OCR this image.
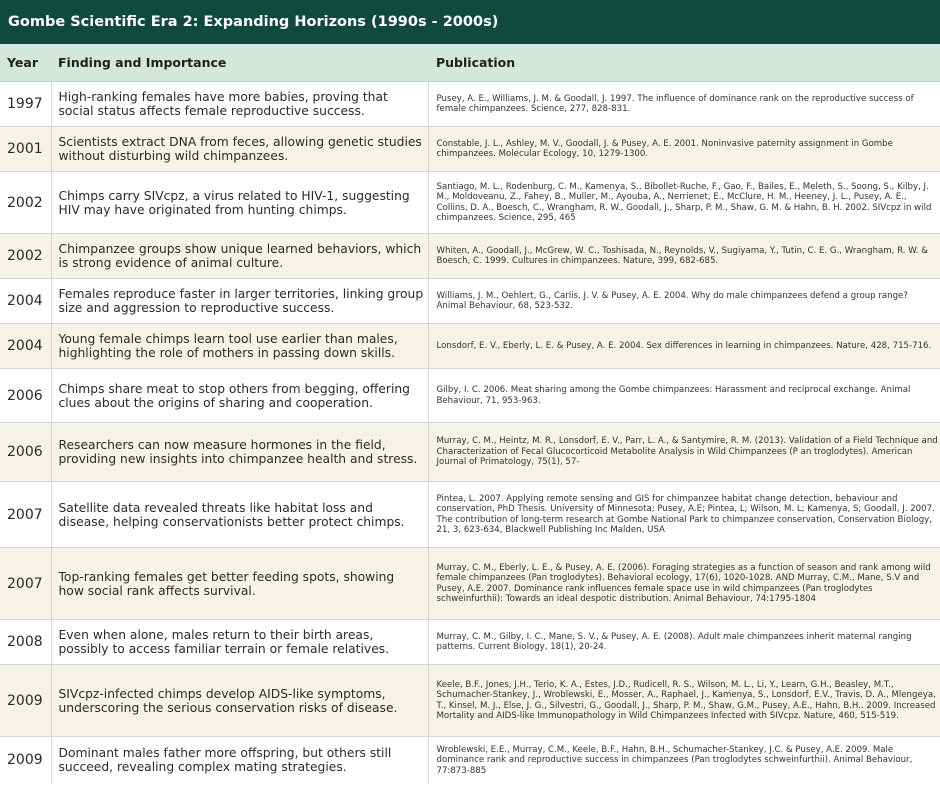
Gombe Scientific Era 2: Expanding Horizons (1990s - 2000s)
Year	Finding and Importance	Publication
1997	High-ranking females have more babies, proving that social status affects female reproductive success.	Pusey, A. E., Williams, J. M. & Goodall, J. 1997. The influence of dominance rank on the reproductive success of female chimpanzees. Science, 277, 828-831.
2001	Scientists extract DNA from feces, allowing genetic studies without disturbing wild chimpanzees.	Constable, J. L., Ashley, M. V., Goodall, J. & Pusey, A. E. 2001. Noninvasive paternity assignment in Gombe chimpanzees. Molecular Ecology, 10, 1279-1300.
2002	Chimps carry SIVcpz, a virus related to HIV-1, suggesting HIV may have originated from hunting chimps.	Santiago, M. L., Rodenburg, C. M., Kamenya, S., Bibollet-Ruche, F., Gao, F., Bailes, E., Meleth, S., Soong, S., Kilby, J. M., Moldoveanu, Z., Fahey, B., Muller, M., Ayouba, A., Nerrienet, E., McClure, H. M., Heeney, J. L., Pusey, A. E., Collins, D. A., Boesch, C., Wrangham, R. W., Goodall, J., Sharp, P. M., Shaw, G. M. & Hahn, B. H. 2002. SIVcpz in wild chimpanzees. Science, 295, 465
2002	Chimpanzee groups show unique learned behaviors, which is strong evidence of animal culture.	Whiten, A., Goodall, J., McGrew, W. C., Toshisada, N., Reynolds, V., Sugiyama, Y., Tutin, C. E. G., Wrangham, R. W. & Boesch, C. 1999. Cultures in chimpanzees. Nature, 399, 682-685.
2004	Females reproduce faster in larger territories, linking group size and aggression to reproductive success.	Williams, J. M., Oehlert, G., Carlis, J. V. & Pusey, A. E. 2004. Why do male chimpanzees defend a group range? Animal Behaviour, 68, 523-532.
2004	Young female chimps learn tool use earlier than males, highlighting the role of mothers in passing down skills.	Lonsdorf, E. V., Eberly, L. E. & Pusey, A. E. 2004. Sex differences in learning in chimpanzees. Nature, 428, 715-716.
2006	Chimps share meat to stop others from begging, offering clues about the origins of sharing and cooperation.	Gilby, I. C. 2006. Meat sharing among the Gombe chimpanzees: Harassment and reciprocal exchange. Animal Behaviour, 71, 953-963.
2006	Researchers can now measure hormones in the field, providing new insights into chimpanzee health and stress.	Murray, C. M., Heintz, M. R., Lonsdorf, E. V., Parr, L. A., & Santymire, R. M. (2013). Validation of a Field Technique and Characterization of Fecal Glucocorticoid Metabolite Analysis in Wild Chimpanzees (P an troglodytes). American Journal of Primatology, 75(1), 57-
2007	Satellite data revealed threats like habitat loss and disease, helping conservationists better protect chimps.	Pintea, L. 2007. Applying remote sensing and GIS for chimpanzee habitat change detection, behaviour and conservation, PhD Thesis. University of Minnesota; Pusey, A.E; Pintea, L; Wilson, M. L; Kamenya, S; Goodall, J. 2007. The contribution of long-term research at Gombe National Park to chimpanzee conservation, Conservation Biology, 21, 3, 623-634, Blackwell Publishing Inc Malden, USA
2007	Top-ranking females get better feeding spots, showing how social rank affects survival.	Murray, C. M., Eberly, L. E., & Pusey, A. E. (2006). Foraging strategies as a function of season and rank among wild female chimpanzees (Pan troglodytes). Behavioral ecology, 17(6), 1020-1028. AND Murray, C.M., Mane, S.V and Pusey, A.E. 2007. Dominance rank influences female space use in wild chimpanzees (Pan troglodytes schweinfurthii): Towards an ideal despotic distribution. Animal Behaviour, 74:1795-1804
2008	Even when alone, males return to their birth areas, possibly to access familiar terrain or female relatives.	Murray, C. M., Gilby, I. C., Mane, S. V., & Pusey, A. E. (2008). Adult male chimpanzees inherit maternal ranging patterns. Current Biology, 18(1), 20-24.
2009	SIVcpz-infected chimps develop AIDS-like symptoms, underscoring the serious conservation risks of disease.	Keele, B.F., Jones, J.H., Terio, K. A., Estes, J.D., Rudicell, R. S., Wilson, M. L., Li, Y., Learn, G.H., Beasley, M.T., Schumacher-Stankey, J., Wroblewski, E., Mosser, A., Raphael, J., Kamenya, S., Lonsdorf, E.V., Travis, D. A., Mlengeya, T., Kinsel, M. J., Else, J. G., Silvestri, G., Goodall, J., Sharp, P. M., Shaw, G.M., Pusey, A.E., Hahn, B.H.. 2009. Increased Mortality and AIDS-like Immunopathology in Wild Chimpanzees Infected with SIVcpz. Nature, 460, 515-519.
2009	Dominant males father more offspring, but others still succeed, revealing complex mating strategies.	Wroblewski, E.E., Murray, C.M., Keele, B.F., Hahn, B.H., Schumacher-Stankey, J.C. & Pusey, A.E. 2009. Male dominance rank and reproductive success in chimpanzees (Pan troglodytes schweinfurthii). Animal Behaviour, 77:873-885
